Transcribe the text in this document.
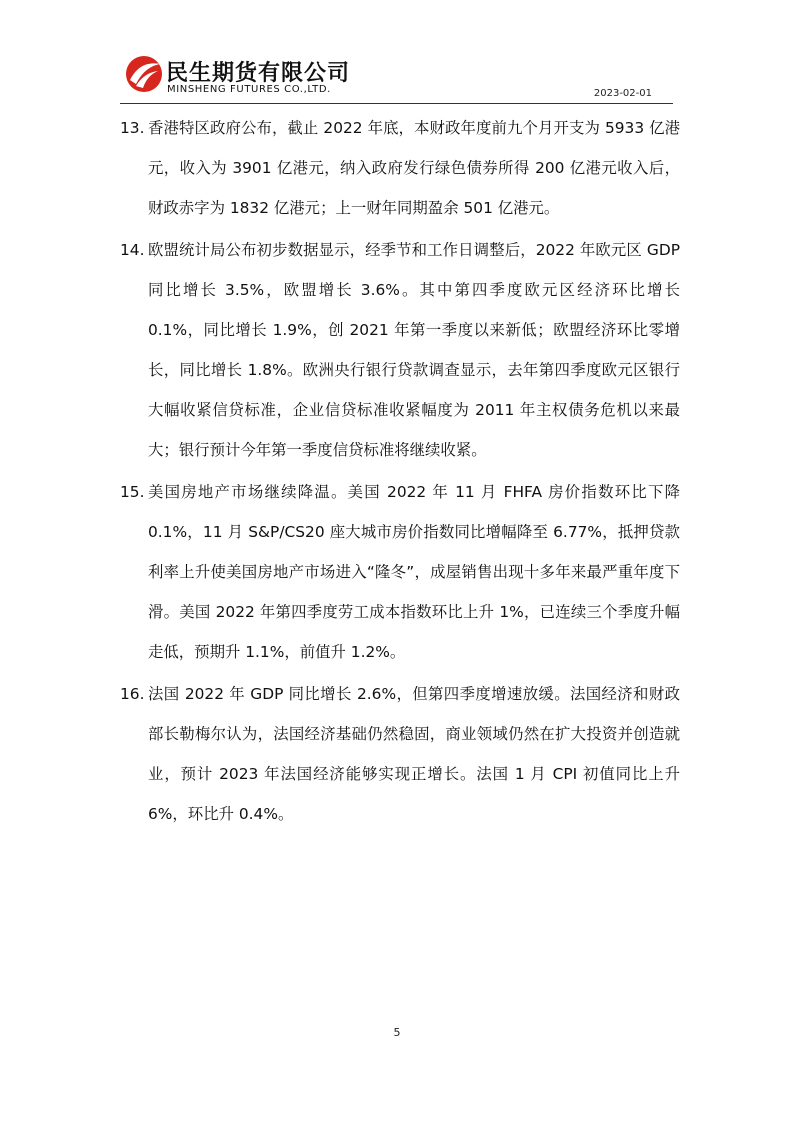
民生期货有限公司
MINSHENG FUTURES CO.,LTD.	2023-02-01
13. 香港特区政府公布，截止 2022 年底，本财政年度前九个月开支为 5933 亿港元，收入为 3901 亿港元，纳入政府发行绿色债券所得 200 亿港元收入后，财政赤字为 1832 亿港元；上一财年同期盈余 501 亿港元。

14. 欧盟统计局公布初步数据显示，经季节和工作日调整后，2022 年欧元区 GDP 同比增长 3.5%，欧盟增长 3.6%。其中第四季度欧元区经济环比增长 0.1%，同比增长 1.9%，创 2021 年第一季度以来新低；欧盟经济环比零增长，同比增长 1.8%。欧洲央行银行贷款调查显示，去年第四季度欧元区银行大幅收紧信贷标准，企业信贷标准收紧幅度为 2011 年主权债务危机以来最大；银行预计今年第一季度信贷标准将继续收紧。

15. 美国房地产市场继续降温。美国 2022 年 11 月 FHFA 房价指数环比下降 0.1%，11 月 S&P/CS20 座大城市房价指数同比增幅降至 6.77%，抵押贷款利率上升使美国房地产市场进入“隆冬”，成屋销售出现十多年来最严重年度下滑。美国 2022 年第四季度劳工成本指数环比上升 1%，已连续三个季度升幅走低，预期升 1.1%，前值升 1.2%。

16. 法国 2022 年 GDP 同比增长 2.6%，但第四季度增速放缓。法国经济和财政部长勒梅尔认为，法国经济基础仍然稳固，商业领域仍然在扩大投资并创造就业，预计 2023 年法国经济能够实现正增长。法国 1 月 CPI 初值同比上升 6%，环比升 0.4%。

5
